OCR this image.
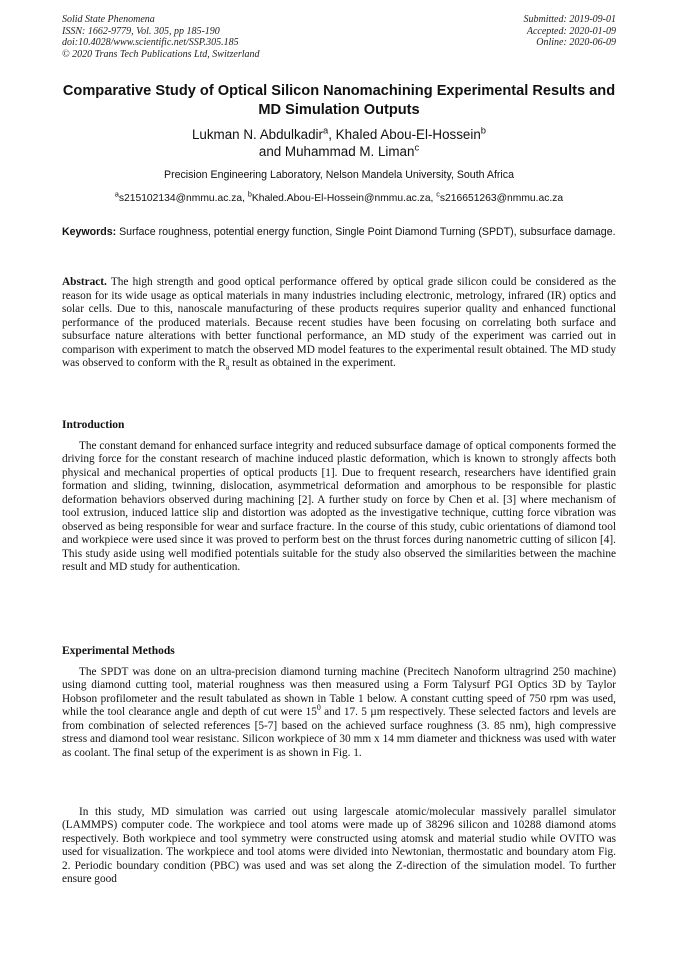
Solid State Phenomena
ISSN: 1662-9779, Vol. 305, pp 185-190
doi:10.4028/www.scientific.net/SSP.305.185
© 2020 Trans Tech Publications Ltd, Switzerland
Submitted: 2019-09-01
Accepted: 2020-01-09
Online: 2020-06-09
Comparative Study of Optical Silicon Nanomachining Experimental Results and MD Simulation Outputs
Lukman N. Abdulkadir$^a$, Khaled Abou-El-Hossein$^b$
and Muhammad M. Liman$^c$
Precision Engineering Laboratory, Nelson Mandela University, South Africa
$^a$s215102134@nmmu.ac.za, $^b$Khaled.Abou-El-Hossein@nmmu.ac.za, $^c$s216651263@nmmu.ac.za
Keywords: Surface roughness, potential energy function, Single Point Diamond Turning (SPDT), subsurface damage.
Abstract. The high strength and good optical performance offered by optical grade silicon could be considered as the reason for its wide usage as optical materials in many industries including electronic, metrology, infrared (IR) optics and solar cells. Due to this, nanoscale manufacturing of these products requires superior quality and enhanced functional performance of the produced materials. Because recent studies have been focusing on correlating both surface and subsurface nature alterations with better functional performance, an MD study of the experiment was carried out in comparison with experiment to match the observed MD model features to the experimental result obtained. The MD study was observed to conform with the $R_a$ result as obtained in the experiment.
Introduction
The constant demand for enhanced surface integrity and reduced subsurface damage of optical components formed the driving force for the constant research of machine induced plastic deformation, which is known to strongly affects both physical and mechanical properties of optical products [1]. Due to frequent research, researchers have identified grain formation and sliding, twinning, dislocation, asymmetrical deformation and amorphous to be responsible for plastic deformation behaviors observed during machining [2]. A further study on force by Chen et al. [3] where mechanism of tool extrusion, induced lattice slip and distortion was adopted as the investigative technique, cutting force vibration was observed as being responsible for wear and surface fracture. In the course of this study, cubic orientations of diamond tool and workpiece were used since it was proved to perform best on the thrust forces during nanometric cutting of silicon [4]. This study aside using well modified potentials suitable for the study also observed the similarities between the machine result and MD study for authentication.
Experimental Methods
The SPDT was done on an ultra-precision diamond turning machine (Precitech Nanoform ultragrind 250 machine) using diamond cutting tool, material roughness was then measured using a Form Talysurf PGI Optics 3D by Taylor Hobson profilometer and the result tabulated as shown in Table 1 below. A constant cutting speed of 750 rpm was used, while the tool clearance angle and depth of cut were $15^0$ and 17. 5 µm respectively. These selected factors and levels are from combination of selected references [5-7] based on the achieved surface roughness (3. 85 nm), high compressive stress and diamond tool wear resistanc. Silicon workpiece of 30 mm x 14 mm diameter and thickness was used with water as coolant. The final setup of the experiment is as shown in Fig. 1.
In this study, MD simulation was carried out using largescale atomic/molecular massively parallel simulator (LAMMPS) computer code. The workpiece and tool atoms were made up of 38296 silicon and 10288 diamond atoms respectively. Both workpiece and tool symmetry were constructed using atomsk and material studio while OVITO was used for visualization. The workpiece and tool atoms were divided into Newtonian, thermostatic and boundary atom Fig. 2. Periodic boundary condition (PBC) was used and was set along the Z-direction of the simulation model. To further ensure good
